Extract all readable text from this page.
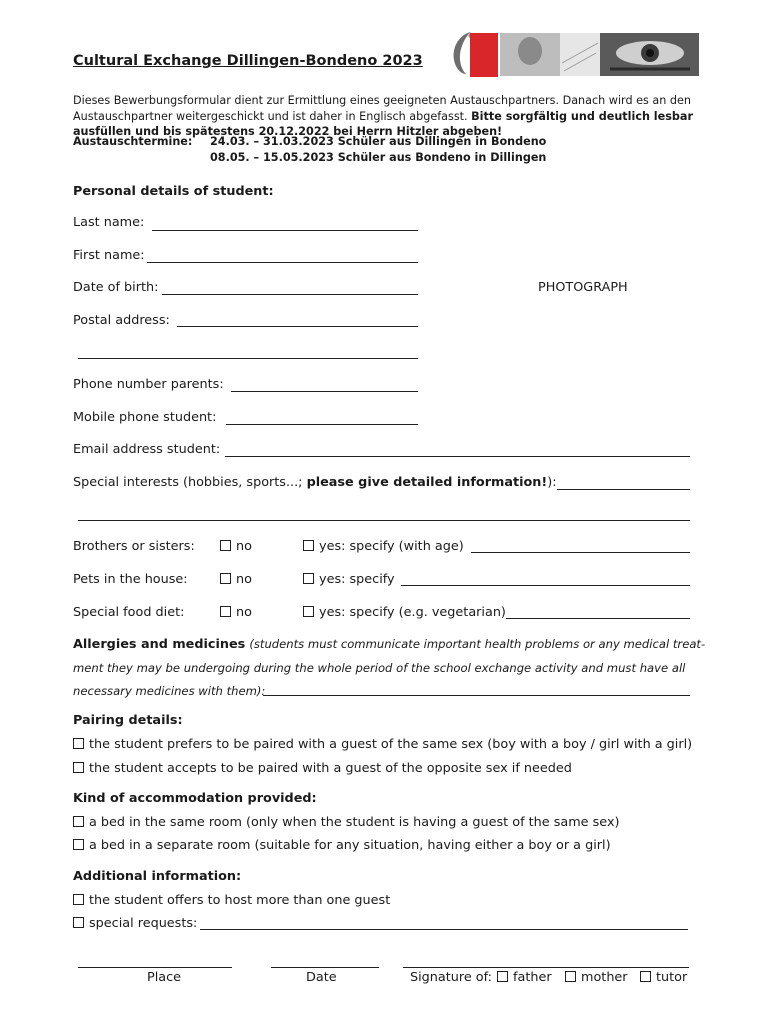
Cultural Exchange Dillingen-Bondeno 2023
Dieses Bewerbungsformular dient zur Ermittlung eines geeigneten Austauschpartners. Danach wird es an den Austauschpartner weitergeschickt und ist daher in Englisch abgefasst. Bitte sorgfältig und deutlich lesbar ausfüllen und bis spätestens 20.12.2022 bei Herrn Hitzler abgeben!
Austauschtermine: 24.03. – 31.03.2023 Schüler aus Dillingen in Bondeno
08.05. – 15.05.2023 Schüler aus Bondeno in Dillingen
Personal details of student:
Last name:
First name:
Date of birth:	PHOTOGRAPH
Postal address:
Phone number parents:
Mobile phone student:
Email address student:
Special interests (hobbies, sports...; please give detailed information!):
Brothers or sisters:	no	yes: specify (with age)
Pets in the house:	no	yes: specify
Special food diet:	no	yes: specify (e.g. vegetarian)
Allergies and medicines (students must communicate important health problems or any medical treat-
ment they may be undergoing during the whole period of the school exchange activity and must have all
necessary medicines with them):
Pairing details:
the student prefers to be paired with a guest of the same sex (boy with a boy / girl with a girl)
the student accepts to be paired with a guest of the opposite sex if needed
Kind of accommodation provided:
a bed in the same room (only when the student is having a guest of the same sex)
a bed in a separate room (suitable for any situation, having either a boy or a girl)
Additional information:
the student offers to host more than one guest
special requests:
Place	Date	Signature of:	father	mother	tutor
